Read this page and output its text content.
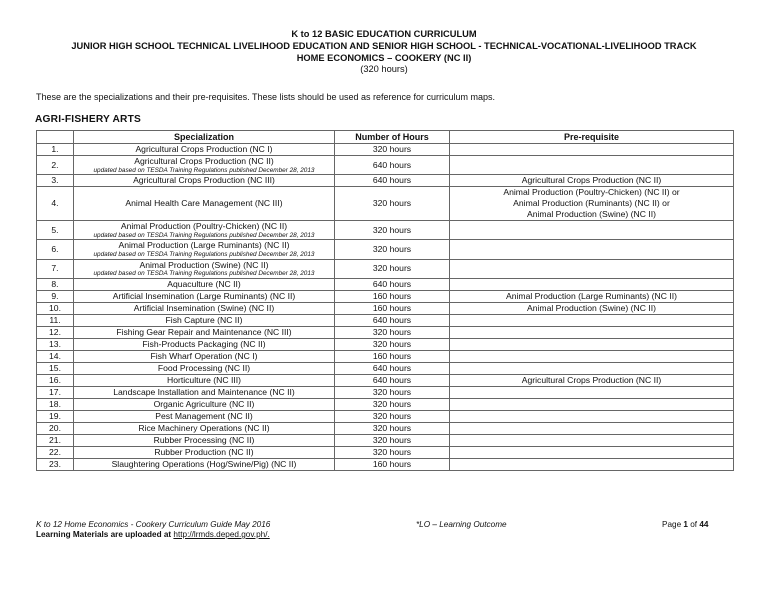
K to 12 BASIC EDUCATION CURRICULUM
JUNIOR HIGH SCHOOL TECHNICAL LIVELIHOOD EDUCATION AND SENIOR HIGH SCHOOL - TECHNICAL-VOCATIONAL-LIVELIHOOD TRACK
HOME ECONOMICS – COOKERY (NC II)
(320 hours)
These are the specializations and their pre-requisites. These lists should be used as reference for curriculum maps.
AGRI-FISHERY ARTS
	Specialization	Number of Hours	Pre-requisite
1.	Agricultural Crops Production (NC I)	320 hours	
2.	Agricultural Crops Production (NC II)
updated based on TESDA Training Regulations published December 28, 2013	640 hours	
3.	Agricultural Crops Production (NC III)	640 hours	Agricultural Crops Production (NC II)

4.	Animal Health Care Management (NC III)	320 hours	Animal Production (Poultry-Chicken) (NC II) or
Animal Production (Ruminants) (NC II) or
Animal Production (Swine) (NC II)

5.	Animal Production (Poultry-Chicken) (NC II)
updated based on TESDA Training Regulations published December 28, 2013	320 hours	
6.	Animal Production (Large Ruminants) (NC II)
updated based on TESDA Training Regulations published December 28, 2013	320 hours	
7.	Animal Production (Swine) (NC II)
updated based on TESDA Training Regulations published December 28, 2013	320 hours	
8.	Aquaculture (NC II)	640 hours	
9.	Artificial Insemination (Large Ruminants) (NC II)	160 hours	Animal Production (Large Ruminants) (NC II)

10.	Artificial Insemination (Swine) (NC II)	160 hours	Animal Production (Swine) (NC II)

11.	Fish Capture (NC II)	640 hours	
12.	Fishing Gear Repair and Maintenance (NC III)	320 hours	
13.	Fish-Products Packaging (NC II)	320 hours	
14.	Fish Wharf Operation (NC I)	160 hours	
15.	Food Processing (NC II)	640 hours	
16.	Horticulture (NC III)	640 hours	Agricultural Crops Production (NC II)

17.	Landscape Installation and Maintenance (NC II)	320 hours	
18.	Organic Agriculture (NC II)	320 hours	
19.	Pest Management (NC II)	320 hours	
20.	Rice Machinery Operations (NC II)	320 hours	
21.	Rubber Processing (NC II)	320 hours	
22.	Rubber Production (NC II)	320 hours	
23.	Slaughtering Operations (Hog/Swine/Pig) (NC II)	160 hours	
K to 12 Home Economics - Cookery Curriculum Guide May 2016
Learning Materials are uploaded at http://lrmds.deped.gov.ph/.
*LO – Learning Outcome	Page 1 of 44
